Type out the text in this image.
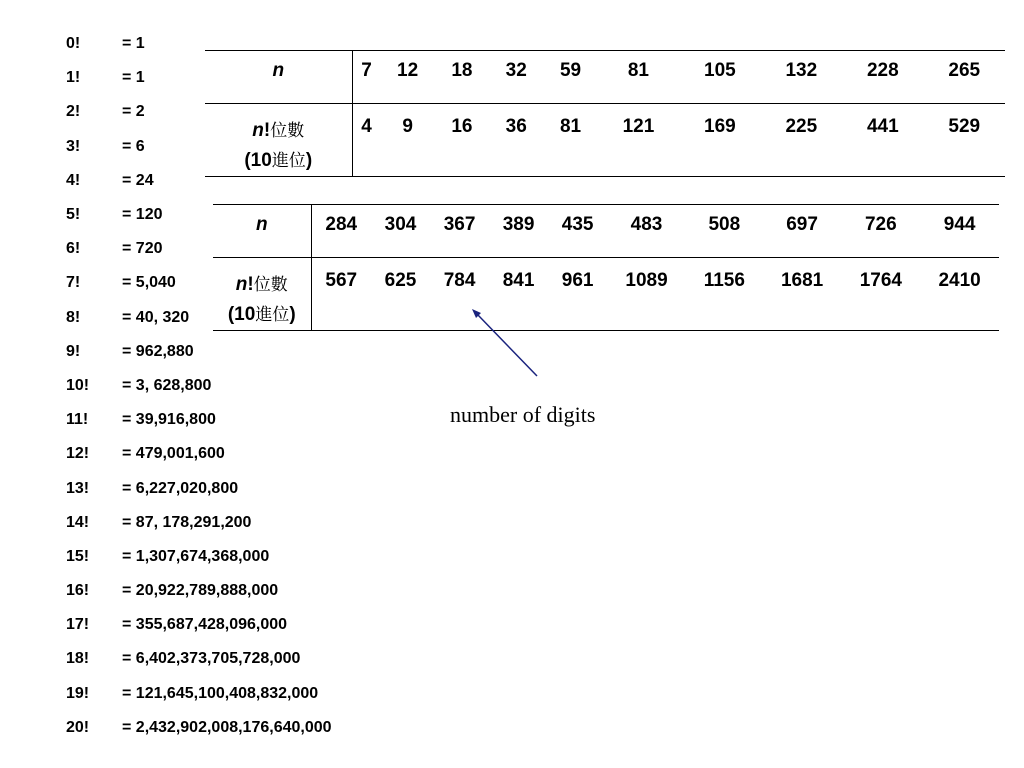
0!	= 1
1!	= 1
2!	= 2
3!	= 6
4!	= 24
5!	= 120
6!	= 720
7!	= 5,040
8!	= 40, 320
9!	= 962,880
10!	= 3, 628,800
11!	= 39,916,800
12!	= 479,001,600
13!	= 6,227,020,800
14!	= 87, 178,291,200
15!	= 1,307,674,368,000
16!	= 20,922,789,888,000
17!	= 355,687,428,096,000
18!	= 6,402,373,705,728,000
19!	= 121,645,100,408,832,000
20!	= 2,432,902,008,176,640,000
n	7	12	18	32	59	81	105	132	228	265

n!位數
(10進位)	4	9	16	36	81	121	169	225	441	529
n	284	304	367	389	435	483	508	697	726	944

n!位數
(10進位)	567	625	784	841	961	1089	1156	1681	1764	2410
number of digits
